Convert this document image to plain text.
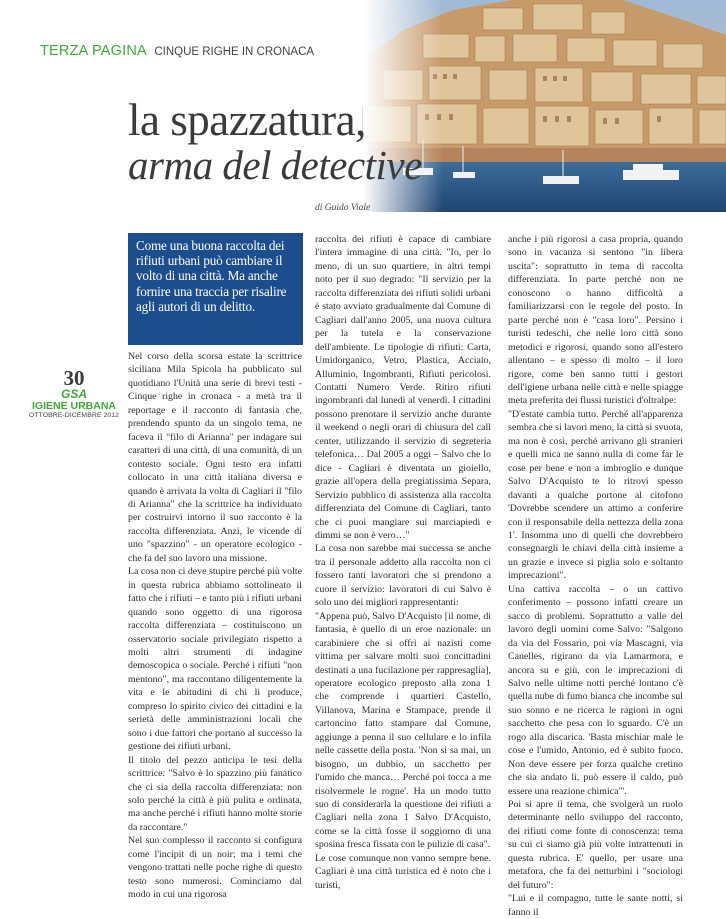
TERZA PAGINA CINQUE RIGHE IN CRONACA
la spazzatura,
arma del detective
di Guido Viale
Come una buona raccolta dei rifiuti urbani può cambiare il volto di una città. Ma anche fornire una traccia per risalire agli autori di un delitto.
30
GSA
IGIENE URBANA
OTTOBRE-DICEMBRE 2012

Nel corso della scorsa estate la scrittrice siciliana Mila Spicola ha pubblicato sul quotidiano l'Unità una serie di brevi testi - Cinque righe in cronaca - a metà tra il reportage e il racconto di fantasia che, prendendo spunto da un singolo tema, ne faceva il "filo di Arianna" per indagare sui caratteri di una città, di una comunità, di un contesto sociale. Ogni testo era infatti collocato in una città italiana diversa e quando è arrivata la volta di Cagliari il "filo di Arianna" che la scrittrice ha individuato per costruirvi intorno il suo racconto è la raccolta differenziata. Anzi, le vicende di uno "spazzino" - un operatore ecologico - che fa del suo lavoro una missione.

La cosa non ci deve stupire perché più volte in questa rubrica abbiamo sottolineato il fatto che i rifiuti – e tanto più i rifiuti urbani quando sono oggetto di una rigorosa raccolta differenziata – costituiscono un osservatorio sociale privilegiato rispetto a molti altri strumenti di indagine demoscopica o sociale. Perché i rifiuti "non mentono", ma raccontano diligentemente la vita e le abitudini di chi li produce, compreso lo spirito civico dei cittadini e la serietà delle amministrazioni locali che sono i due fattori che portano al successo la gestione dei rifiuti urbani.

Il titolo del pezzo anticipa le tesi della scrittrice: "Salvo è lo spazzino più fanatico che ci sia della raccolta differenziata: non solo perché la città è più pulita e ordinata, ma anche perché i rifiuti hanno molte storie da raccontare."

Nel suo complesso il racconto si configura come l'incipit di un noir; ma i temi che vengono trattati nelle poche righe di questo testo sono numerosi. Cominciamo dal modo in cui una rigorosa

raccolta dei rifiuti è capace di cambiare l'intera immagine di una città. "Io, per lo meno, di un suo quartiere, in altri tempi noto per il suo degrado: "Il servizio per la raccolta differenziata dei rifiuti solidi urbani è stato avviato gradualmente dal Comune di Cagliari dall'anno 2005, una nuova cultura per la tutela e la conservazione dell'ambiente. Le tipologie di rifiuti: Carta, Umidorganico, Vetro, Plastica, Acciaio, Alluminio, Ingombranti, Rifiuti pericolosi. Contatti Numero Verde. Ritiro rifiuti ingombranti dal lunedì al venerdì. I cittadini possono prenotare il servizio anche durante il weekend o negli orari di chiusura del call center, utilizzando il servizio di segreteria telefonica… Dal 2005 a oggi – Salvo che lo dice - Cagliari è diventata un gioiello, grazie all'opera della pregiatissima Separa, Servizio pubblico di assistenza alla raccolta differenziata del Comune di Cagliari, tanto che ci puoi mangiare sui marciapiedi e dimmi se non è vero…"

La cosa non sarebbe mai successa se anche tra il personale addetto alla raccolta non ci fossero tanti lavoratori che si prendono a cuore il servizio: lavoratori di cui Salvo è solo uno dei migliori rappresentanti:

"Appena può, Salvo D'Acquisto [il nome, di fantasia, è quello di un eroe nazionale: un carabiniere che si offrì ai nazisti come vittima per salvare molti suoi concittadini destinati a una fucilazione per rappresaglia], operatore ecologico preposto alla zona 1 che comprende i quartieri Castello, Villanova, Marina e Stampace, prende il cartoncino fatto stampare dal Comune, aggiunge a penna il suo cellulare e lo infila nelle cassette della posta. 'Non si sa mai, un bisogno, un dubbio, un sacchetto per l'umido che manca… Perché poi tocca a me risolvermele le rogne'. Ha un modo tutto suo di considerarla la questione dei rifiuti a Cagliari nella zona 1 Salvo D'Acquisto, come se la città fosse il soggiorno di una sposina fresca fissata con le pulizie di casa".

Le cose comunque non vanno sempre bene. Cagliari è una città turistica ed è noto che i turisti,

anche i più rigorosi a casa propria, quando sono in vacanza si sentono "in libera uscita": soprattutto in tema di raccolta differenziata. In parte perché non ne conoscono o hanno difficoltà a familiarizzarsi con le regole del posto. In parte perché non è "casa loro". Persino i turisti tedeschi, che nelle loro città sono metodici e rigorosi, quando sono all'estero allentano – e spesso di molto – il loro rigore, come ben sanno tutti i gestori dell'igiene urbana nelle città e nelle spiagge meta preferita dei flussi turistici d'oltralpe:

"D'estate cambia tutto. Perché all'apparenza sembra che si lavori meno, la città si svuota, ma non è così, perché arrivano gli stranieri e quelli mica ne sanno nulla di come far le cose per bene e non a imbroglio e dunque Salvo D'Acquisto te lo ritrovi spesso davanti a qualche portone al citofono 'Dovrebbe scendere un attimo a conferire con il responsabile della nettezza della zona 1'. Insomma uno di quelli che dovrebbero consegnargli le chiavi della città insieme a un grazie e invece si piglia solo e soltanto imprecazioni".

Una cattiva raccolta – o un cattivo conferimento – possono infatti creare un sacco di problemi. Soprattutto a valle del lavoro degli uomini come Salvo: "Salgono da via del Fossario, poi via Mascagni, via Canelles, rigirano da via Lamarmora, e ancora su e giù, con le imprecazioni di Salvo nelle ultime notti perché lontano c'è quella nube di fumo bianca che incombe sul suo sonno e ne ricerca le ragioni in ogni sacchetto che pesa con lo sguardo. C'è un rogo alla discarica. 'Basta mischiar male le cose e l'umido, Antonio, ed è subito fuoco. Non deve essere per forza qualche cretino che sia andato lì, può essere il caldo, può essere una reazione chimica'".

Poi si apre il tema, che svolgerà un ruolo determinante nello sviluppo del racconto, dei rifiuti come fonte di conoscenza: tema su cui ci siamo già più volte intrattenuti in questa rubrica. E' quello, per usare una metafora, che fa dei netturbini i "sociologi del futuro":

"Lui e il compagno, tutte le sante notti, si fanno il
